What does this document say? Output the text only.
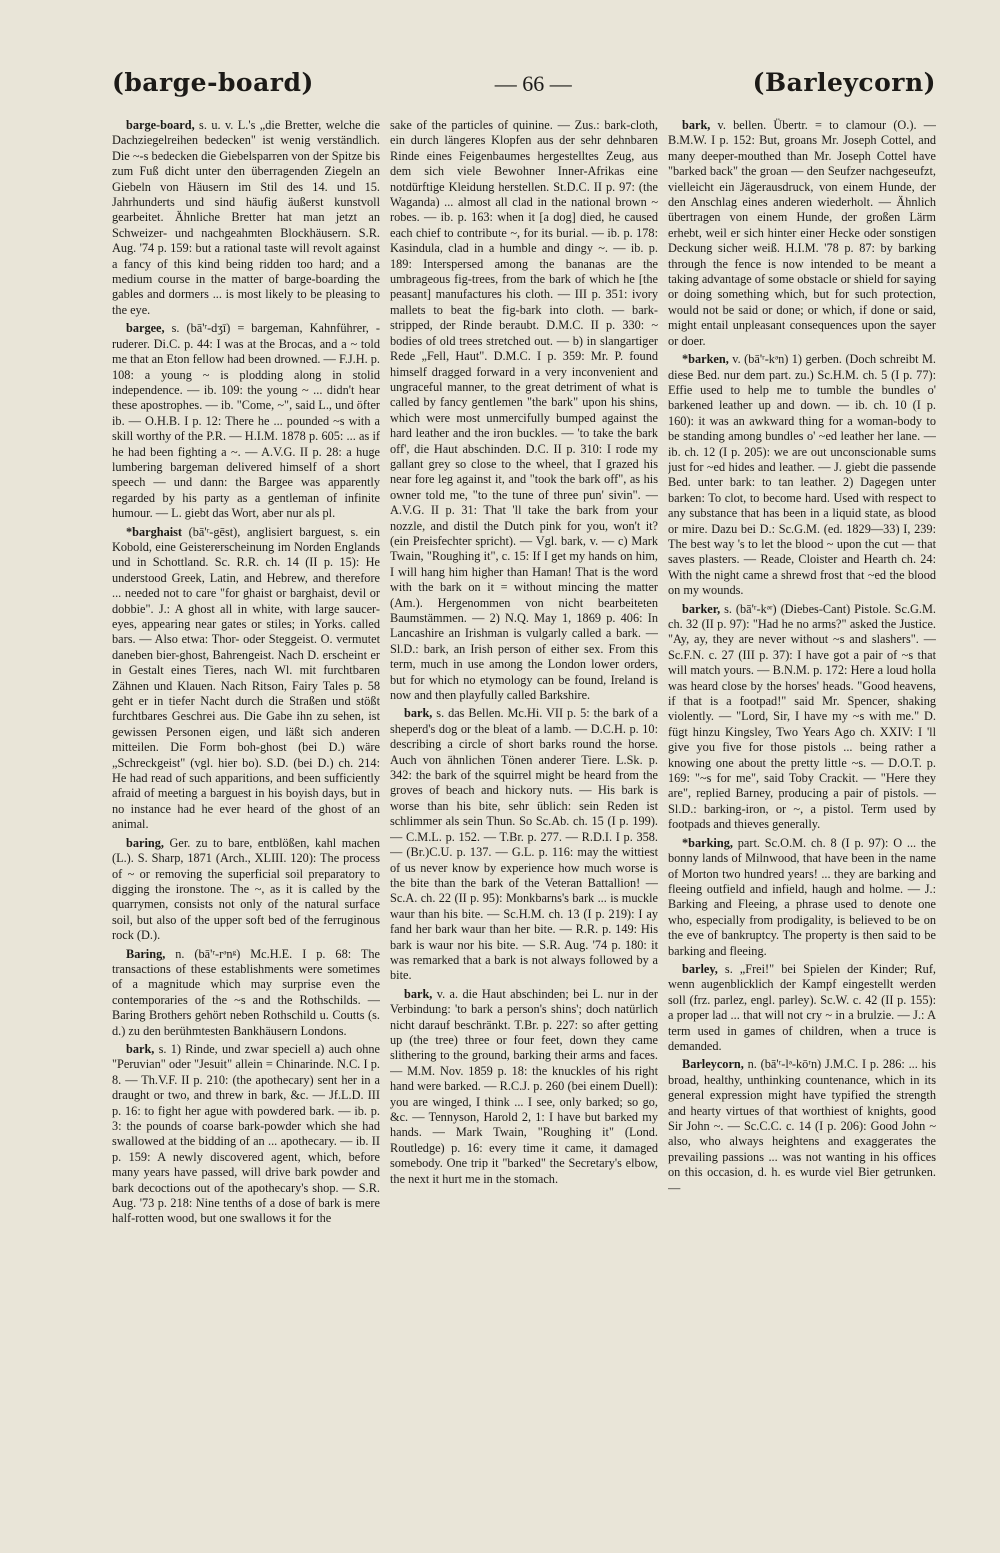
(barge-board)	— 66 —	(Barleycorn)

barge-board, s. u. v. L.'s „die Bretter, welche die Dachziegelreihen bedecken" ist wenig verständlich. Die ~-s bedecken die Giebelsparren von der Spitze bis zum Fuß dicht unter den überragenden Ziegeln an Giebeln von Häusern im Stil des 14. und 15. Jahrhunderts und sind häufig äußerst kunstvoll gearbeitet. Ähnliche Bretter hat man jetzt an Schweizer- und nachgeahmten Blockhäusern. S.R. Aug. '74 p. 159: but a rational taste will revolt against a fancy of this kind being ridden too hard; and a medium course in the matter of barge-boarding the gables and dormers ... is most likely to be pleasing to the eye.

bargee, s. (bā'ʳ-dʒī) = bargeman, Kahnführer, -ruderer. Di.C. p. 44: I was at the Brocas, and a ~ told me that an Eton fellow had been drowned. — F.J.H. p. 108: a young ~ is plodding along in stolid independence. — ib. 109: the young ~ ... didn't hear these apostrophes. — ib. "Come, ~", said L., und öfter ib. — O.H.B. I p. 12: There he ... pounded ~s with a skill worthy of the P.R. — H.I.M. 1878 p. 605: ... as if he had been fighting a ~. — A.V.G. II p. 28: a huge lumbering bargeman delivered himself of a short speech — und dann: the Bargee was apparently regarded by his party as a gentleman of infinite humour. — L. giebt das Wort, aber nur als pl.

*barghaist (bā'ʳ-gēst), anglisiert barguest, s. ein Kobold, eine Geistererscheinung im Norden Englands und in Schottland. Sc. R.R. ch. 14 (II p. 15): He understood Greek, Latin, and Hebrew, and therefore ... needed not to care "for ghaist or barghaist, devil or dobbie". J.: A ghost all in white, with large saucer-eyes, appearing near gates or stiles; in Yorks. called bars. — Also etwa: Thor- oder Steggeist. O. vermutet daneben bier-ghost, Bahrengeist. Nach D. erscheint er in Gestalt eines Tieres, nach Wl. mit furchtbaren Zähnen und Klauen. Nach Ritson, Fairy Tales p. 58 geht er in tiefer Nacht durch die Straßen und stößt furchtbares Geschrei aus. Die Gabe ihn zu sehen, ist gewissen Personen eigen, und läßt sich anderen mitteilen. Die Form boh-ghost (bei D.) wäre „Schreckgeist" (vgl. hier bo). S.D. (bei D.) ch. 214: He had read of such apparitions, and been sufficiently afraid of meeting a barguest in his boyish days, but in no instance had he ever heard of the ghost of an animal.

baring, Ger. zu to bare, entblößen, kahl machen (L.). S. Sharp, 1871 (Arch., XLIII. 120): The process of ~ or removing the superficial soil preparatory to digging the ironstone. The ~, as it is called by the quarrymen, consists not only of the natural surface soil, but also of the upper soft bed of the ferruginous rock (D.).

Baring, n. (bā'ʳ-rᵊnᵍ) Mc.H.E. I p. 68: The transactions of these establishments were sometimes of a magnitude which may surprise even the contemporaries of the ~s and the Rothschilds. — Baring Brothers gehört neben Rothschild u. Coutts (s. d.) zu den berühmtesten Bankhäusern Londons.

bark, s. 1) Rinde, und zwar speciell a) auch ohne "Peruvian" oder "Jesuit" allein = Chinarinde. N.C. I p. 8. — Th.V.F. II p. 210: (the apothecary) sent her in a draught or two, and threw in bark, &c. — Jf.L.D. III p. 16: to fight her ague with powdered bark. — ib. p. 3: the pounds of coarse bark-powder which she had swallowed at the bidding of an ... apothecary. — ib. II p. 159: A newly discovered agent, which, before many years have passed, will drive bark powder and bark decoctions out of the apothecary's shop. — S.R. Aug. '73 p. 218: Nine tenths of a dose of bark is mere half-rotten wood, but one swallows it for the

sake of the particles of quinine. — Zus.: bark-cloth, ein durch längeres Klopfen aus der sehr dehnbaren Rinde eines Feigenbaumes hergestelltes Zeug, aus dem sich viele Bewohner Inner-Afrikas eine notdürftige Kleidung herstellen. St.D.C. II p. 97: (the Waganda) ... almost all clad in the national brown ~ robes. — ib. p. 163: when it [a dog] died, he caused each chief to contribute ~, for its burial. — ib. p. 178: Kasindula, clad in a humble and dingy ~. — ib. p. 189: Interspersed among the bananas are the umbrageous fig-trees, from the bark of which he [the peasant] manufactures his cloth. — III p. 351: ivory mallets to beat the fig-bark into cloth. — bark-stripped, der Rinde beraubt. D.M.C. II p. 330: ~ bodies of old trees stretched out. — b) in slangartiger Rede „Fell, Haut". D.M.C. I p. 359: Mr. P. found himself dragged forward in a very inconvenient and ungraceful manner, to the great detriment of what is called by fancy gentlemen "the bark" upon his shins, which were most unmercifully bumped against the hard leather and the iron buckles. — 'to take the bark off', die Haut abschinden. D.C. II p. 310: I rode my gallant grey so close to the wheel, that I grazed his near fore leg against it, and "took the bark off", as his owner told me, "to the tune of three pun' sivin". — A.V.G. II p. 31: That 'll take the bark from your nozzle, and distil the Dutch pink for you, won't it? (ein Preisfechter spricht). — Vgl. bark, v. — c) Mark Twain, "Roughing it", c. 15: If I get my hands on him, I will hang him higher than Haman! That is the word with the bark on it = without mincing the matter (Am.). Hergenommen von nicht bearbeiteten Baumstämmen. — 2) N.Q. May 1, 1869 p. 406: In Lancashire an Irishman is vulgarly called a bark. — Sl.D.: bark, an Irish person of either sex. From this term, much in use among the London lower orders, but for which no etymology can be found, Ireland is now and then playfully called Barkshire.

bark, s. das Bellen. Mc.Hi. VII p. 5: the bark of a sheperd's dog or the bleat of a lamb. — D.C.H. p. 10: describing a circle of short barks round the horse. Auch von ähnlichen Tönen anderer Tiere. L.Sk. p. 342: the bark of the squirrel might be heard from the groves of beach and hickory nuts. — His bark is worse than his bite, sehr üblich: sein Reden ist schlimmer als sein Thun. So Sc.Ab. ch. 15 (I p. 199). — C.M.L. p. 152. — T.Br. p. 277. — R.D.I. I p. 358. — (Br.)C.U. p. 137. — G.L. p. 116: may the wittiest of us never know by experience how much worse is the bite than the bark of the Veteran Battallion! — Sc.A. ch. 22 (II p. 95): Monkbarns's bark ... is muckle waur than his bite. — Sc.H.M. ch. 13 (I p. 219): I ay fand her bark waur than her bite. — R.R. p. 149: His bark is waur nor his bite. — S.R. Aug. '74 p. 180: it was remarked that a bark is not always followed by a bite.

bark, v. a. die Haut abschinden; bei L. nur in der Verbindung: 'to bark a person's shins'; doch natürlich nicht darauf beschränkt. T.Br. p. 227: so after getting up (the tree) three or four feet, down they came slithering to the ground, barking their arms and faces. — M.M. Nov. 1859 p. 18: the knuckles of his right hand were barked. — R.C.J. p. 260 (bei einem Duell): you are winged, I think ... I see, only barked; so go, &c. — Tennyson, Harold 2, 1: I have but barked my hands. — Mark Twain, "Roughing it" (Lond. Routledge) p. 16: every time it came, it damaged somebody. One trip it "barked" the Secretary's elbow, the next it hurt me in the stomach.

bark, v. bellen. Übertr. = to clamour (O.). — B.M.W. I p. 152: But, groans Mr. Joseph Cottel, and many deeper-mouthed than Mr. Joseph Cottel have "barked back" the groan — den Seufzer nachgeseufzt, vielleicht ein Jägerausdruck, von einem Hunde, der den Anschlag eines anderen wiederholt. — Ähnlich übertragen von einem Hunde, der großen Lärm erhebt, weil er sich hinter einer Hecke oder sonstigen Deckung sicher weiß. H.I.M. '78 p. 87: by barking through the fence is now intended to be meant a taking advantage of some obstacle or shield for saying or doing something which, but for such protection, would not be said or done; or which, if done or said, might entail unpleasant consequences upon the sayer or doer.

*barken, v. (bā'ʳ-kᵊn) 1) gerben. (Doch schreibt M. diese Bed. nur dem part. zu.) Sc.H.M. ch. 5 (I p. 77): Effie used to help me to tumble the bundles o' barkened leather up and down. — ib. ch. 10 (I p. 160): it was an awkward thing for a woman-body to be standing among bundles o' ~ed leather her lane. — ib. ch. 12 (I p. 205): we are out unconscionable sums just for ~ed hides and leather. — J. giebt die passende Bed. unter bark: to tan leather. 2) Dagegen unter barken: To clot, to become hard. Used with respect to any substance that has been in a liquid state, as blood or mire. Dazu bei D.: Sc.G.M. (ed. 1829—33) I, 239: The best way 's to let the blood ~ upon the cut — that saves plasters. — Reade, Cloister and Hearth ch. 24: With the night came a shrewd frost that ~ed the blood on my wounds.

barker, s. (bā'ʳ-kᵊʳ) (Diebes-Cant) Pistole. Sc.G.M. ch. 32 (II p. 97): "Had he no arms?" asked the Justice. "Ay, ay, they are never without ~s and slashers". — Sc.F.N. c. 27 (III p. 37): I have got a pair of ~s that will match yours. — B.N.M. p. 172: Here a loud holla was heard close by the horses' heads. "Good heavens, if that is a footpad!" said Mr. Spencer, shaking violently. — "Lord, Sir, I have my ~s with me." D. fügt hinzu Kingsley, Two Years Ago ch. XXIV: I 'll give you five for those pistols ... being rather a knowing one about the pretty little ~s. — D.O.T. p. 169: "~s for me", said Toby Crackit. — "Here they are", replied Barney, producing a pair of pistols. — Sl.D.: barking-iron, or ~, a pistol. Term used by footpads and thieves generally.

*barking, part. Sc.O.M. ch. 8 (I p. 97): O ... the bonny lands of Milnwood, that have been in the name of Morton two hundred years! ... they are barking and fleeing outfield and infield, haugh and holme. — J.: Barking and Fleeing, a phrase used to denote one who, especially from prodigality, is believed to be on the eve of bankruptcy. The property is then said to be barking and fleeing.

barley, s. „Frei!" bei Spielen der Kinder; Ruf, wenn augenblicklich der Kampf eingestellt werden soll (frz. parlez, engl. parley). Sc.W. c. 42 (II p. 155): a proper lad ... that will not cry ~ in a brulzie. — J.: A term used in games of children, when a truce is demanded.

Barleycorn, n. (bā'ʳ-lᵊ-kōʳn) J.M.C. I p. 286: ... his broad, healthy, unthinking countenance, which in its general expression might have typified the strength and hearty virtues of that worthiest of knights, good Sir John ~. — Sc.C.C. c. 14 (I p. 206): Good John ~ also, who always heightens and exaggerates the prevailing passions ... was not wanting in his offices on this occasion, d. h. es wurde viel Bier getrunken. —
